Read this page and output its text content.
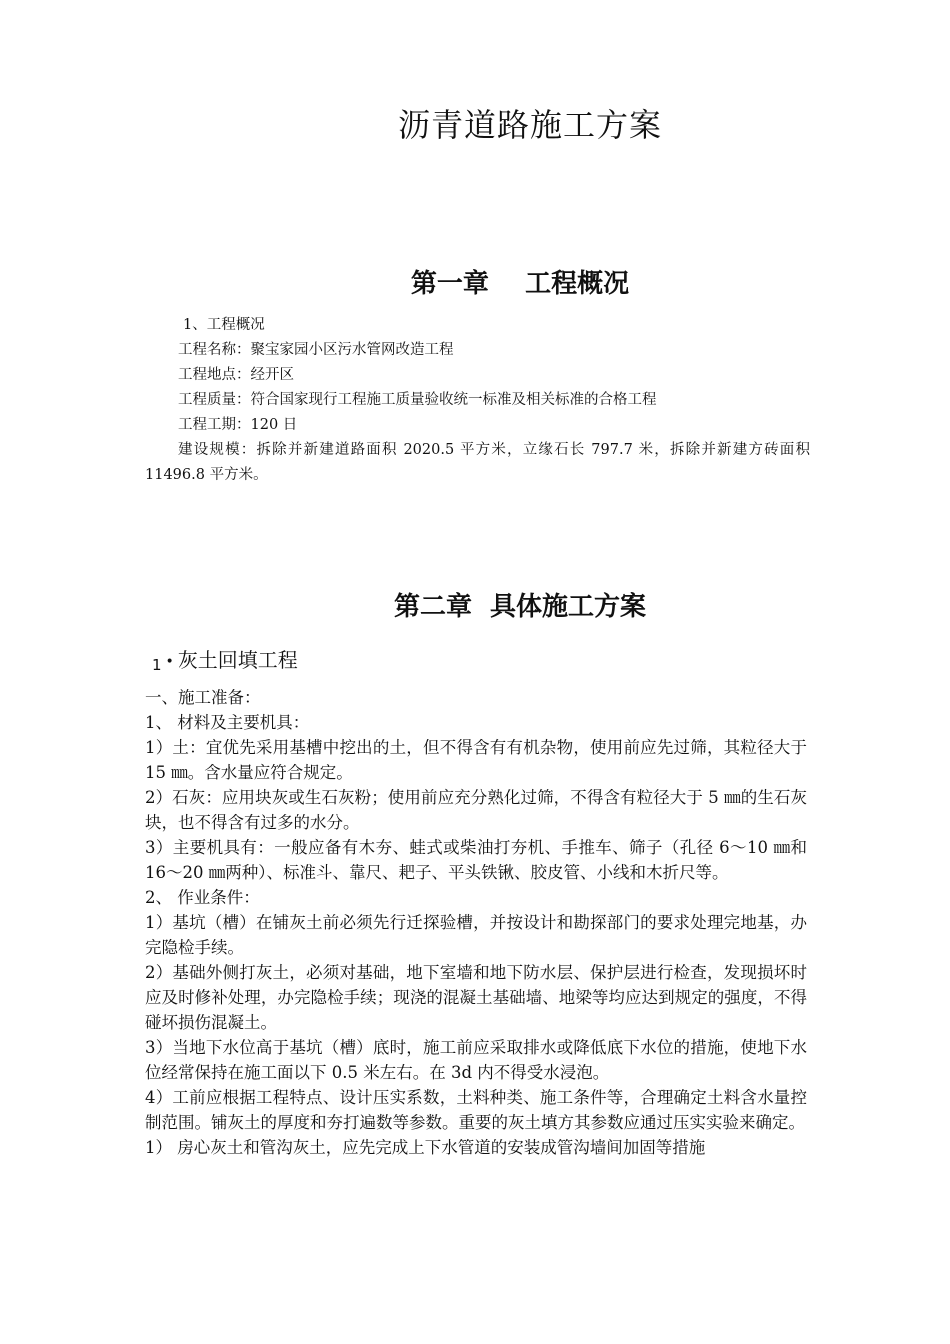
沥青道路施工方案
第一章    工程概况
1、工程概况
工程名称：聚宝家园小区污水管网改造工程
工程地点：经开区
工程质量：符合国家现行工程施工质量验收统一标准及相关标准的合格工程
工程工期：120 日
建设规模：拆除并新建道路面积 2020.5 平方米，立缘石长 797.7 米，拆除并新建方砖面积 11496.8 平方米。
第二章  具体施工方案
1 • 灰土回填工程

一、施工准备：

1、 材料及主要机具：

1）土：宜优先采用基槽中挖出的土，但不得含有有机杂物，使用前应先过筛，其粒径大于 15 ㎜。含水量应符合规定。

2）石灰：应用块灰或生石灰粉；使用前应充分熟化过筛，不得含有粒径大于 5 ㎜的生石灰块，也不得含有过多的水分。

3）主要机具有：一般应备有木夯、蛙式或柴油打夯机、手推车、筛子（孔径 6～10 ㎜和 16～20 ㎜两种）、标准斗、靠尺、耙子、平头铁锹、胶皮管、小线和木折尺等。

2、 作业条件：

1）基坑（槽）在铺灰土前必须先行迁探验槽，并按设计和勘探部门的要求处理完地基，办完隐检手续。

2）基础外侧打灰土，必须对基础，地下室墙和地下防水层、保护层进行检查，发现损坏时应及时修补处理，办完隐检手续；现浇的混凝土基础墙、地梁等均应达到规定的强度，不得碰坏损伤混凝土。

3）当地下水位高于基坑（槽）底时，施工前应采取排水或降低底下水位的措施，使地下水位经常保持在施工面以下 0.5 米左右。在 3d 内不得受水浸泡。

4）工前应根据工程特点、设计压实系数，土料种类、施工条件等，合理确定土料含水量控制范围。铺灰土的厚度和夯打遍数等参数。重要的灰土填方其参数应通过压实实验来确定。

1） 房心灰土和管沟灰土，应先完成上下水管道的安装成管沟墙间加固等措施
